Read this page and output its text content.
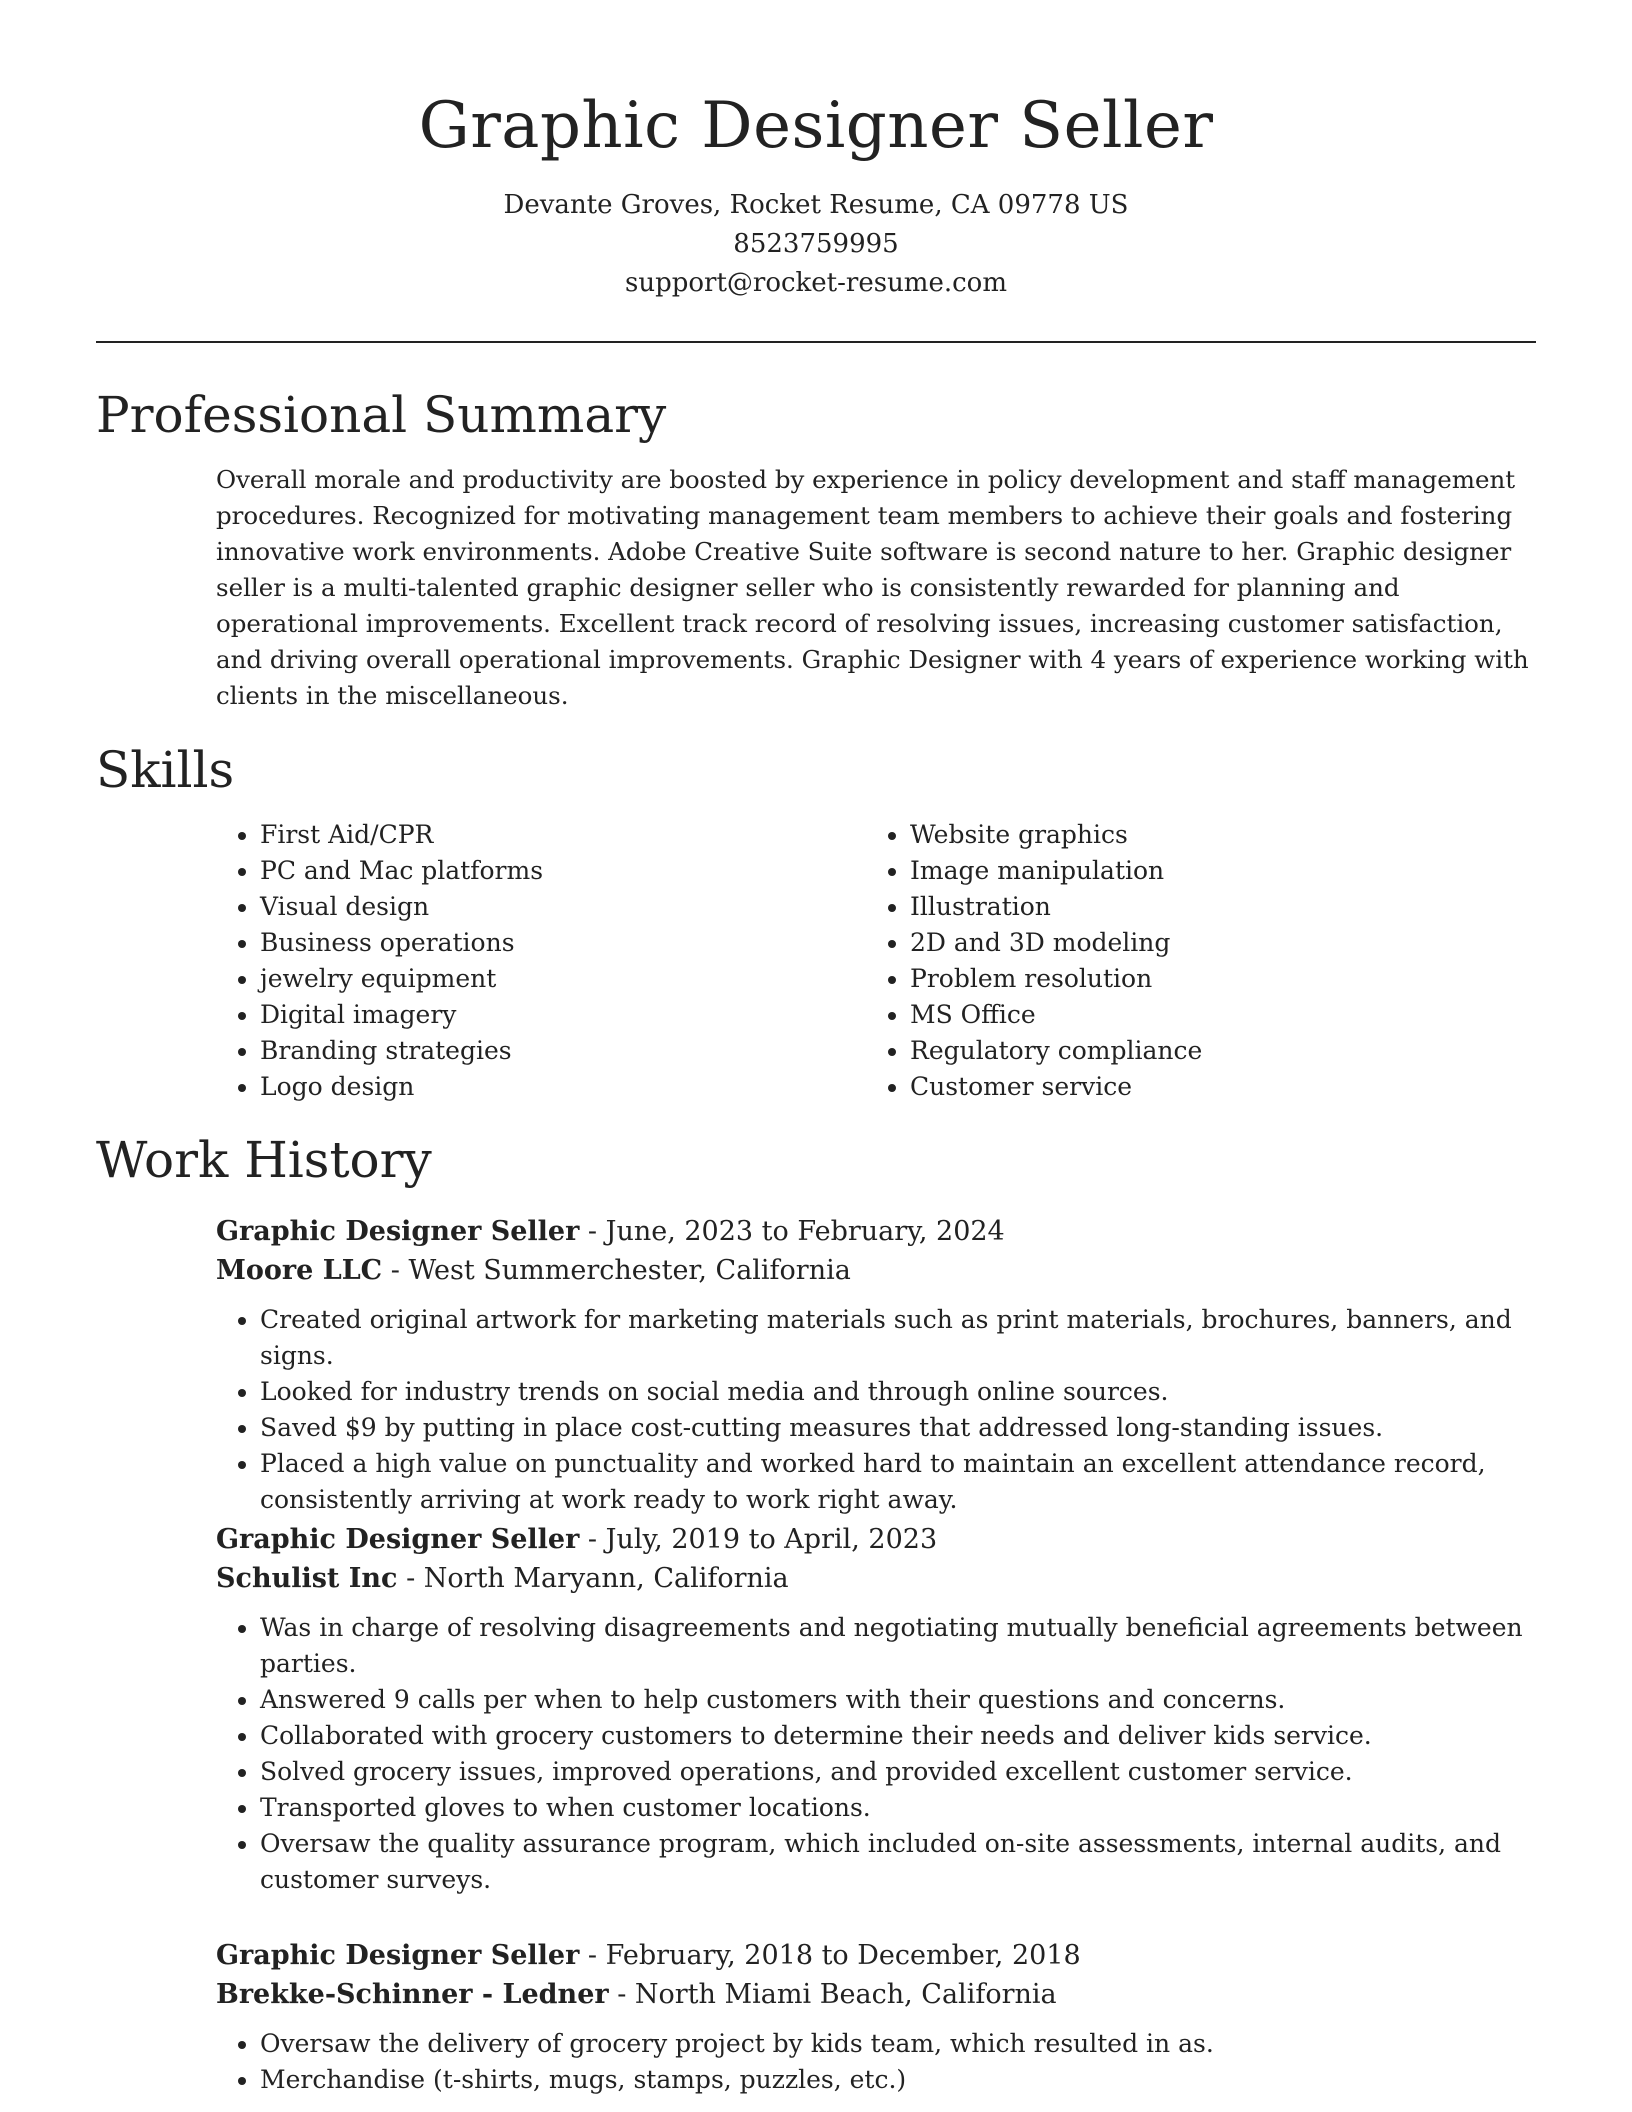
Graphic Designer Seller
Devante Groves, Rocket Resume, CA 09778 US
8523759995
support@rocket-resume.com
Professional Summary

Overall morale and productivity are boosted by experience in policy development and staff management procedures. Recognized for motivating management team members to achieve their goals and fostering innovative work environments. Adobe Creative Suite software is second nature to her. Graphic designer seller is a multi-talented graphic designer seller who is consistently rewarded for planning and operational improvements. Excellent track record of resolving issues, increasing customer satisfaction, and driving overall operational improvements. Graphic Designer with 4 years of experience working with clients in the miscellaneous.

Skills
• First Aid/CPR
• PC and Mac platforms
• Visual design
• Business operations
• jewelry equipment
• Digital imagery
• Branding strategies
• Logo design
• Website graphics
• Image manipulation
• Illustration
• 2D and 3D modeling
• Problem resolution
• MS Office
• Regulatory compliance
• Customer service
Work History

Graphic Designer Seller - June, 2023 to February, 2024

Moore LLC - West Summerchester, California

• Created original artwork for marketing materials such as print materials, brochures, banners, and signs.
• Looked for industry trends on social media and through online sources.
• Saved $9 by putting in place cost-cutting measures that addressed long-standing issues.
• Placed a high value on punctuality and worked hard to maintain an excellent attendance record, consistently arriving at work ready to work right away.

Graphic Designer Seller - July, 2019 to April, 2023

Schulist Inc - North Maryann, California

• Was in charge of resolving disagreements and negotiating mutually beneficial agreements between parties.
• Answered 9 calls per when to help customers with their questions and concerns.
• Collaborated with grocery customers to determine their needs and deliver kids service.
• Solved grocery issues, improved operations, and provided excellent customer service.
• Transported gloves to when customer locations.
• Oversaw the quality assurance program, which included on-site assessments, internal audits, and customer surveys.

Graphic Designer Seller - February, 2018 to December, 2018

Brekke-Schinner - Ledner - North Miami Beach, California

• Oversaw the delivery of grocery project by kids team, which resulted in as.
• Merchandise (t-shirts, mugs, stamps, puzzles, etc.)
